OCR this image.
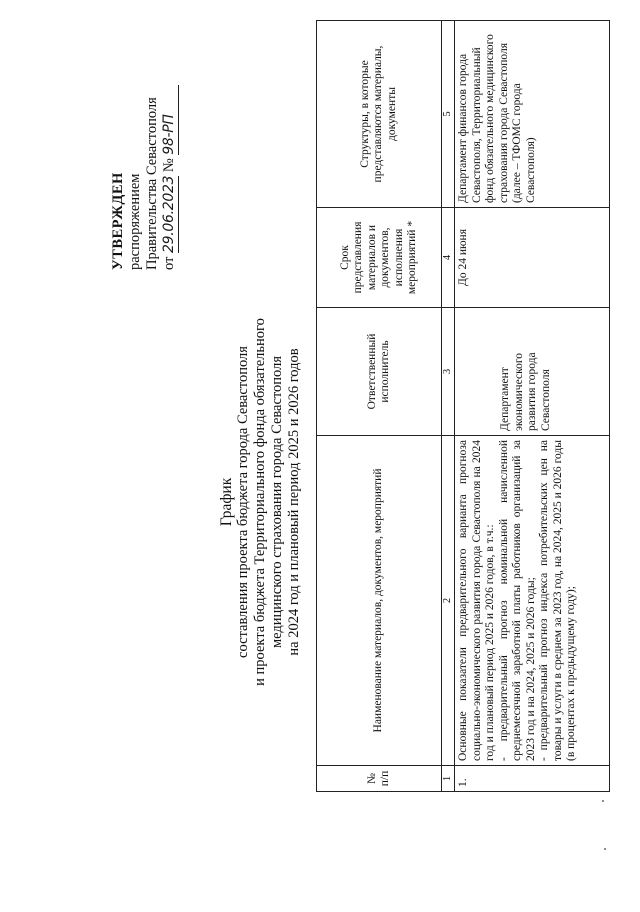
УТВЕРЖДЕН распоряжением Правительства Севастополя от 29.06.2023 № 98-РП
График составления проекта бюджета города Севастополя и проекта бюджета Территориального фонда обязательного медицинского страхования города Севастополя на 2024 год и плановый период 2025 и 2026 годов
№ п/п	Наименование материалов, документов, мероприятий	Ответственный исполнитель	Срок представления материалов и документов, исполнения мероприятий *	Структуры, в которые представляются материалы, документы
1	2	3	4	5
1.	Основные показатели предварительного варианта прогноза социально-экономического развития города Севастополя на 2024 год и плановый период 2025 и 2026 годов, в т.ч.: - предварительный прогноз номинальной начисленной среднемесячной заработной платы работников организаций за 2023 год и на 2024, 2025 и 2026 годы; - предварительный прогноз индекса потребительских цен на товары и услуги в среднем за 2023 год, на 2024, 2025 и 2026 годы (в процентах к предыдущему году);	Департамент экономического развития города Севастополя	До 24 июня	Департамент финансов города Севастополя, Территориальный фонд обязательного медицинского страхования города Севастополя (далее – ТФОМС города Севастополя)
